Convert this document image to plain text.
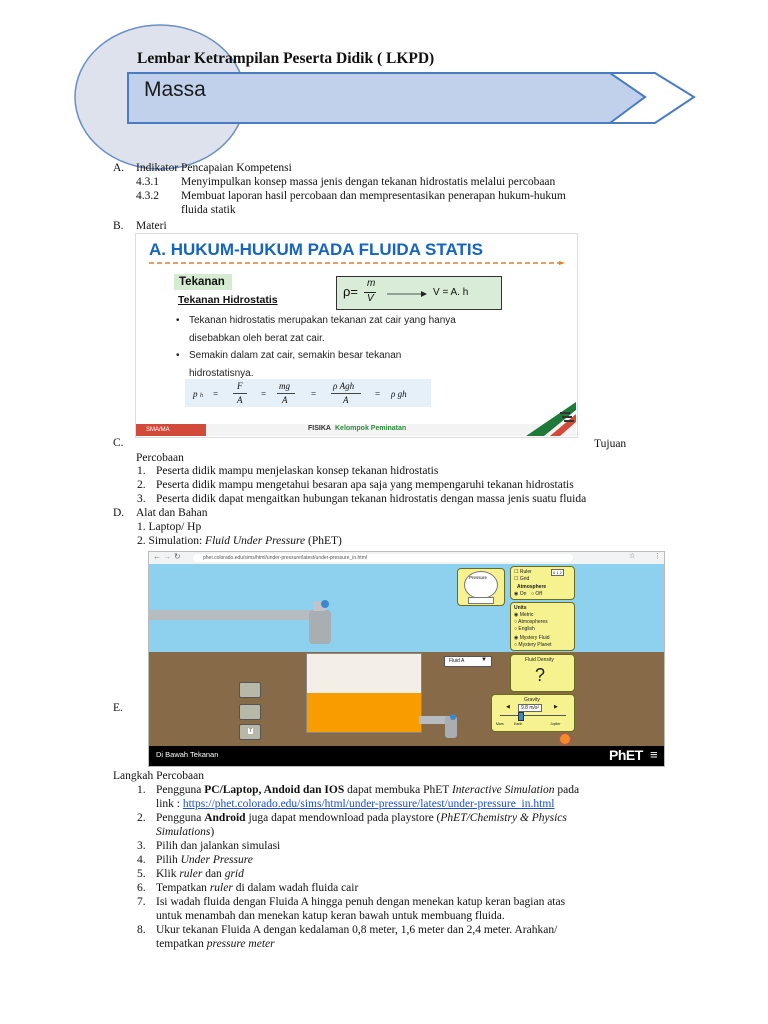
Lembar Ketrampilan Peserta Didik ( LKPD)
Massa
A. Indikator Pencapaian Kompetensi
4.3.1 Menyimpulkan konsep massa jenis dengan tekanan hidrostatis melalui percobaan
4.3.2 Membuat laporan hasil percobaan dan mempresentasikan penerapan hukum-hukum
fluida statik
B. Materi
A. HUKUM-HUKUM PADA FLUIDA STATIS
Tekanan
Tekanan Hidrostatis
ρ=
m
V
V = A. h
• Tekanan hidrostatis merupakan tekanan zat cair yang hanya
disebabkan oleh berat zat cair.
• Semakin dalam zat cair, semakin besar tekanan
hidrostatisnya.
p h =
F
A
=
mg
A
=
ρ Agh
A
= ρ gh
SMA/MA	FISIKA Kelompok Peminatan
C.	Tujuan
Percobaan
1. Peserta didik mampu menjelaskan konsep tekanan hidrostatis
2. Peserta didik mampu mengetahui besaran apa saja yang mempengaruhi tekanan hidrostatis
3. Peserta didik dapat mengaitkan hubungan tekanan hidrostatis dengan massa jenis suatu fluida
D. Alat dan Bahan
1. Laptop/ Hp
2. Simulation: Fluid Under Pressure (PhET)
← → ↻	phet.colorado.edu/sims/html/under-pressure/latest/under-pressure_in.html	☆	⋮
Pressure
☐ Ruler
☐ Grid
0 1 2
Atmosphere
◉ On ○ Off
Units
◉ Metric
○ Atmospheres
○ English
◉ Mystery Fluid
○ Mystery Planet
7
Fluid A	▼	Fluid Density
?
Gravity
9.8 m/s²
◀	▶
Mars	Earth	Jupiter
Di Bawah Tekanan	PhET ≡
E.
Langkah Percobaan
1. Pengguna PC/Laptop, Andoid dan IOS dapat membuka PhET Interactive Simulation pada
link : https://phet.colorado.edu/sims/html/under-pressure/latest/under-pressure_in.html
2. Pengguna Android juga dapat mendownload pada playstore (PhET/Chemistry & Physics
Simulations)
3. Pilih dan jalankan simulasi
4. Pilih Under Pressure
5. Klik ruler dan grid
6. Tempatkan ruler di dalam wadah fluida cair
7. Isi wadah fluida dengan Fluida A hingga penuh dengan menekan katup keran bagian atas
untuk menambah dan menekan katup keran bawah untuk membuang fluida.
8. Ukur tekanan Fluida A dengan kedalaman 0,8 meter, 1,6 meter dan 2,4 meter. Arahkan/
tempatkan pressure meter
